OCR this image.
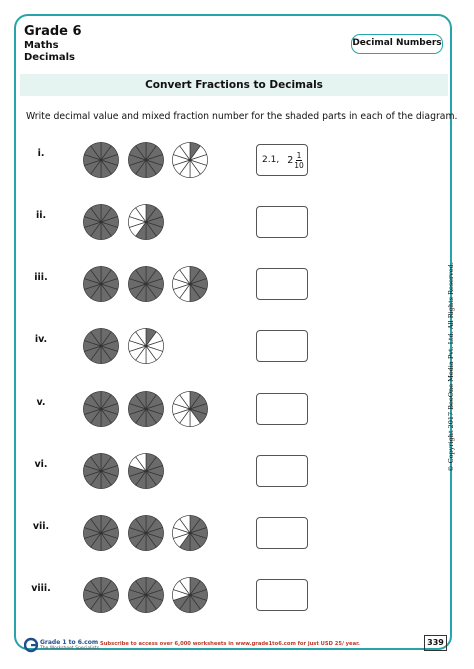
Grade 6
Maths
Decimals
Decimal Numbers
Convert Fractions to Decimals
Write decimal value and mixed fraction number for the shaded parts in each of the diagram.
i.
2.1, $2 \frac{1}{10}$
ii.
iii.
iv.
v.
vi.
vii.
viii.
© Copyright 2017 BeeOne Media Pvt. Ltd. All Rights Reserved.
Grade 1 to 6.com
The Worksheet Specialists
Subscribe to access over 6,000 worksheets in www.grade1to6.com for just USD 25/ year.	339
